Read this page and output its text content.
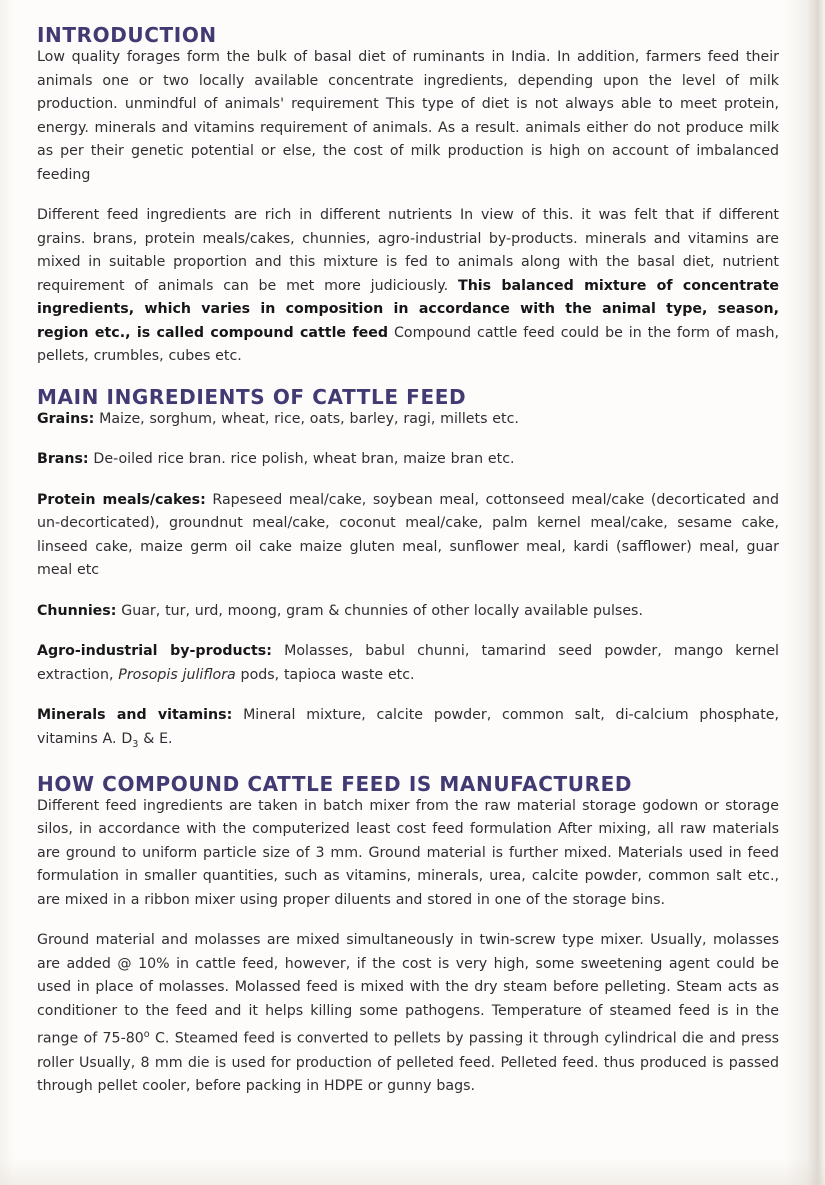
INTRODUCTION

Low quality forages form the bulk of basal diet of ruminants in India. In addition, farmers feed their animals one or two locally available concentrate ingredients, depending upon the level of milk production. unmindful of animals' requirement This type of diet is not always able to meet protein, energy. minerals and vitamins requirement of animals. As a result. animals either do not produce milk as per their genetic potential or else, the cost of milk production is high on account of imbalanced feeding

Different feed ingredients are rich in different nutrients In view of this. it was felt that if different grains. brans, protein meals/cakes, chunnies, agro-industrial by-products. minerals and vitamins are mixed in suitable proportion and this mixture is fed to animals along with the basal diet, nutrient requirement of animals can be met more judiciously. This balanced mixture of concentrate ingredients, which varies in composition in accordance with the animal type, season, region etc., is called compound cattle feed Compound cattle feed could be in the form of mash, pellets, crumbles, cubes etc.

MAIN INGREDIENTS OF CATTLE FEED

Grains: Maize, sorghum, wheat, rice, oats, barley, ragi, millets etc.

Brans: De-oiled rice bran. rice polish, wheat bran, maize bran etc.

Protein meals/cakes: Rapeseed meal/cake, soybean meal, cottonseed meal/cake (decorticated and un-decorticated), groundnut meal/cake, coconut meal/cake, palm kernel meal/cake, sesame cake, linseed cake, maize germ oil cake maize gluten meal, sunflower meal, kardi (safflower) meal, guar meal etc

Chunnies: Guar, tur, urd, moong, gram & chunnies of other locally available pulses.

Agro-industrial by-products: Molasses, babul chunni, tamarind seed powder, mango kernel extraction, Prosopis juliflora pods, tapioca waste etc.

Minerals and vitamins: Mineral mixture, calcite powder, common salt, di-calcium phosphate, vitamins A. $D_3$ & E.

HOW COMPOUND CATTLE FEED IS MANUFACTURED

Different feed ingredients are taken in batch mixer from the raw material storage godown or storage silos, in accordance with the computerized least cost feed formulation After mixing, all raw materials are ground to uniform particle size of 3 mm. Ground material is further mixed. Materials used in feed formulation in smaller quantities, such as vitamins, minerals, urea, calcite powder, common salt etc., are mixed in a ribbon mixer using proper diluents and stored in one of the storage bins.

Ground material and molasses are mixed simultaneously in twin-screw type mixer. Usually, molasses are added @ 10% in cattle feed, however, if the cost is very high, some sweetening agent could be used in place of molasses. Molassed feed is mixed with the dry steam before pelleting. Steam acts as conditioner to the feed and it helps killing some pathogens. Temperature of steamed feed is in the range of 75-80$^o$ C. Steamed feed is converted to pellets by passing it through cylindrical die and press roller Usually, 8 mm die is used for production of pelleted feed. Pelleted feed. thus produced is passed through pellet cooler, before packing in HDPE or gunny bags.
